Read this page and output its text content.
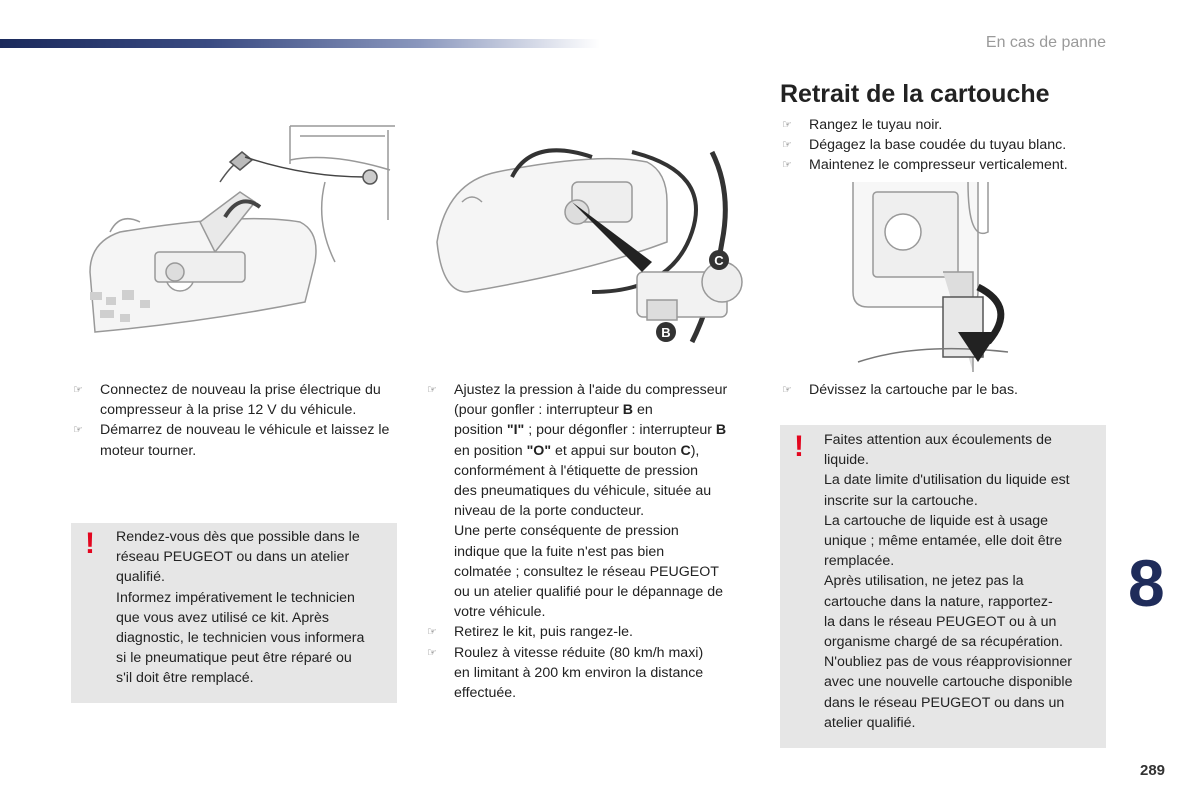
En cas de panne
Retrait de la cartouche
C
B
☞ Rangez le tuyau noir.
☞ Dégagez la base coudée du tuyau blanc.
☞ Maintenez le compresseur verticalement.
☞ Connectez de nouveau la prise électrique du compresseur à la prise 12 V du véhicule.
☞ Démarrez de nouveau le véhicule et laissez le moteur tourner.
! Rendez-vous dès que possible dans le
réseau PEUGEOT ou dans un atelier
qualifié.
Informez impérativement le technicien
que vous avez utilisé ce kit. Après
diagnostic, le technicien vous informera
si le pneumatique peut être réparé ou
s'il doit être remplacé.
☞ Ajustez la pression à l'aide du compresseur
(pour gonfler : interrupteur B en
position "I" ; pour dégonfler : interrupteur B
en position "O" et appui sur bouton C),
conformément à l'étiquette de pression
des pneumatiques du véhicule, située au
niveau de la porte conducteur.
Une perte conséquente de pression
indique que la fuite n'est pas bien
colmatée ; consultez le réseau PEUGEOT
ou un atelier qualifié pour le dépannage de
votre véhicule.
☞ Retirez le kit, puis rangez-le.
☞ Roulez à vitesse réduite (80 km/h maxi)
en limitant à 200 km environ la distance
effectuée.
☞ Dévissez la cartouche par le bas.
! Faites attention aux écoulements de
liquide.
La date limite d'utilisation du liquide est
inscrite sur la cartouche.
La cartouche de liquide est à usage
unique ; même entamée, elle doit être
remplacée.
Après utilisation, ne jetez pas la
cartouche dans la nature, rapportez-
la dans le réseau PEUGEOT ou à un
organisme chargé de sa récupération.
N'oubliez pas de vous réapprovisionner
avec une nouvelle cartouche disponible
dans le réseau PEUGEOT ou dans un
atelier qualifié.
8
289
